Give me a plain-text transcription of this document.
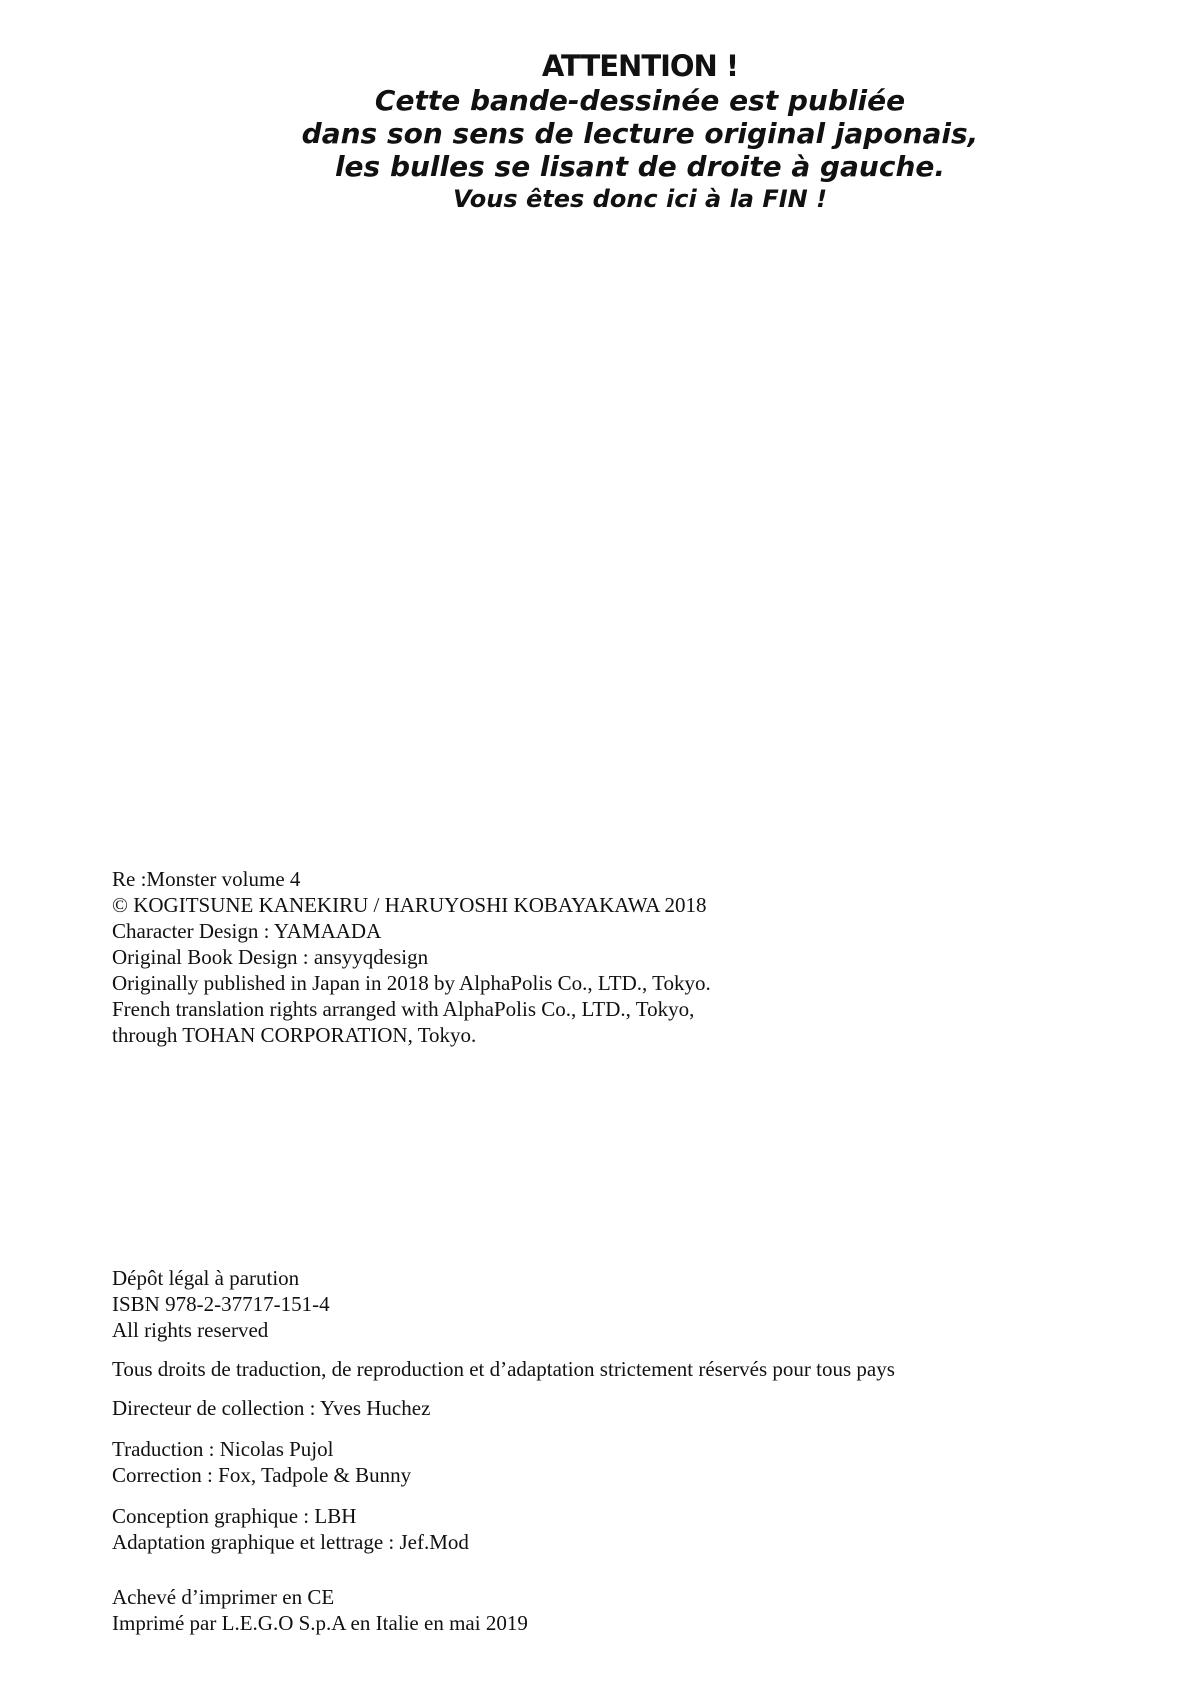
ATTENTION !
Cette bande-dessinée est publiée
dans son sens de lecture original japonais,
les bulles se lisant de droite à gauche.
Vous êtes donc ici à la FIN !
Re :Monster volume 4
© KOGITSUNE KANEKIRU / HARUYOSHI KOBAYAKAWA 2018
Character Design : YAMAADA
Original Book Design : ansyyqdesign
Originally published in Japan in 2018 by AlphaPolis Co., LTD., Tokyo.
French translation rights arranged with AlphaPolis Co., LTD., Tokyo,
through TOHAN CORPORATION, Tokyo.
Dépôt légal à parution
ISBN 978-2-37717-151-4
All rights reserved
Tous droits de traduction, de reproduction et d’adaptation strictement réservés pour tous pays
Directeur de collection : Yves Huchez
Traduction : Nicolas Pujol
Correction : Fox, Tadpole & Bunny
Conception graphique : LBH
Adaptation graphique et lettrage : Jef.Mod
Achevé d’imprimer en CE
Imprimé par L.E.G.O S.p.A en Italie en mai 2019
